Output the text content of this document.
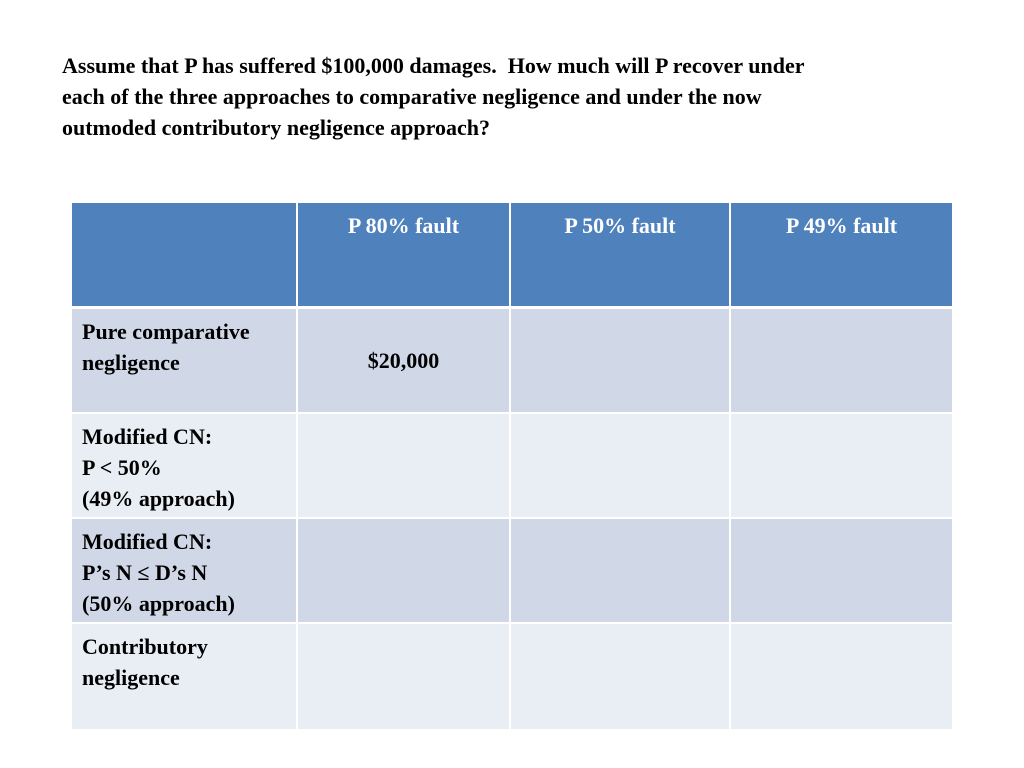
Assume that P has suffered $100,000 damages.  How much will P recover under
each of the three approaches to comparative negligence and under the now
outmoded contributory negligence approach?

	P 80% fault	P 50% fault	P 49% fault

Pure comparative
negligence	$20,000		

Modified CN:
P < 50%
(49% approach)			

Modified CN:
P’s N ≤ D’s N
(50% approach)			

Contributory
negligence			
